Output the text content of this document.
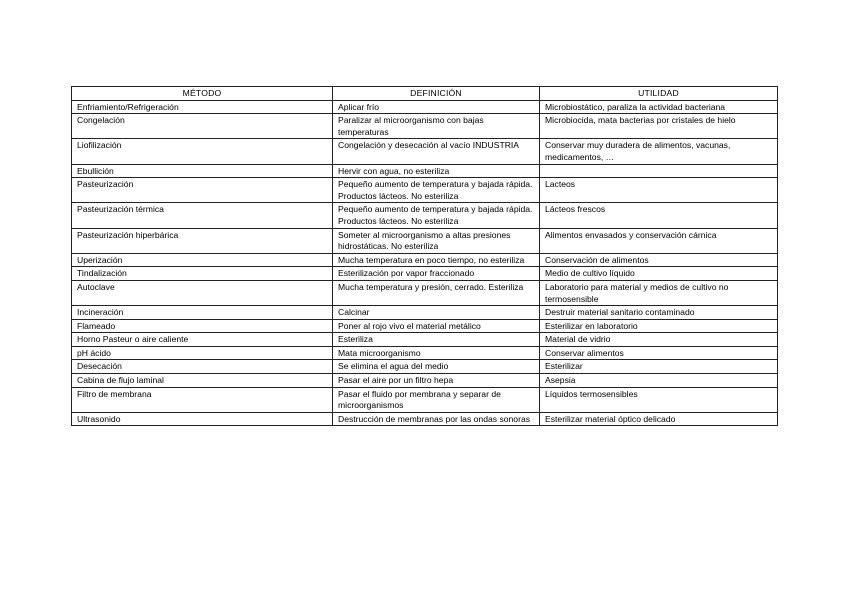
MÉTODO	DEFINICIÓN	UTILIDAD
Enfriamiento/Refrigeración	Aplicar frío	Microbiostático, paraliza la actividad bacteriana
Congelación	Paralizar al microorganismo con bajas temperaturas	Microbiocida, mata bacterias por cristales de hielo
Liofilización	Congelación y desecación al vacío INDUSTRIA	Conservar muy duradera de alimentos, vacunas, medicamentos, …
Ebullición	Hervir con agua, no esteriliza	
Pasteurización	Pequeño aumento de temperatura y bajada rápida. Productos lácteos. No esteriliza	Lacteos
Pasteurización térmica	Pequeño aumento de temperatura y bajada rápida. Productos lácteos. No esteriliza	Lácteos frescos
Pasteurización hiperbárica	Someter al microorganismo a altas presiones hidrostáticas. No esteriliza	Alimentos envasados y conservación cárnica
Uperización	Mucha temperatura en poco tiempo, no esteriliza	Conservación de alimentos
Tindalización	Esterilización por vapor fraccionado	Medio de cultivo líquido
Autoclave	Mucha temperatura y presión, cerrado. Esteriliza	Laboratorio para material y medios de cultivo no termosensible
Incineración	Calcinar	Destruir material sanitario contaminado
Flameado	Poner al rojo vivo el material metálico	Esterilizar en laboratorio
Horno Pasteur o aire caliente	Esteriliza	Material de vidrio
pH ácido	Mata microorganismo	Conservar alimentos
Desecación	Se elimina el agua del medio	Esterilizar
Cabina de flujo laminal	Pasar el aire por un filtro hepa	Asepsia
Filtro de membrana	Pasar el fluido por membrana y separar de microorganismos	Líquidos termosensibles
Ultrasonido	Destrucción de membranas por las ondas sonoras	Esterilizar material óptico delicado
